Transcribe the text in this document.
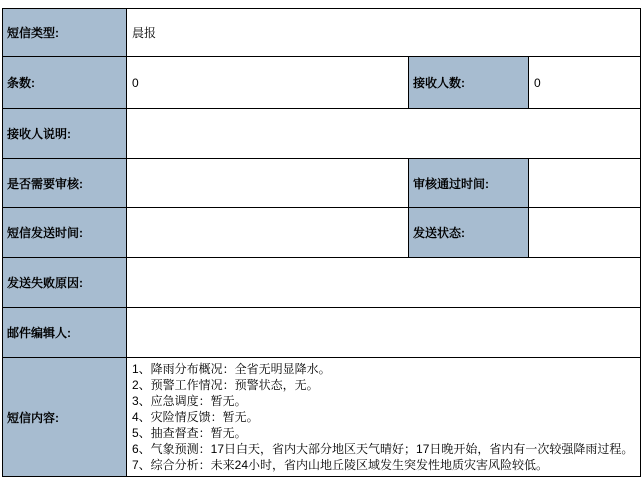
短信类型:	晨报		
条数:	0	接收人数:	0
接收人说明:			
是否需要审核:		审核通过时间:	
短信发送时间:		发送状态:	
发送失败原因:			
邮件编辑人:			
短信内容:	
1、降雨分布概况：全省无明显降水。
2、预警工作情况：预警状态，无。
3、应急调度：暂无。
4、灾险情反馈：暂无。
5、抽查督查：暂无。
6、气象预测：17日白天，省内大部分地区天气晴好；17日晚开始，省内有一次较强降雨过程。
7、综合分析：未来24小时，省内山地丘陵区域发生突发性地质灾害风险较低。
